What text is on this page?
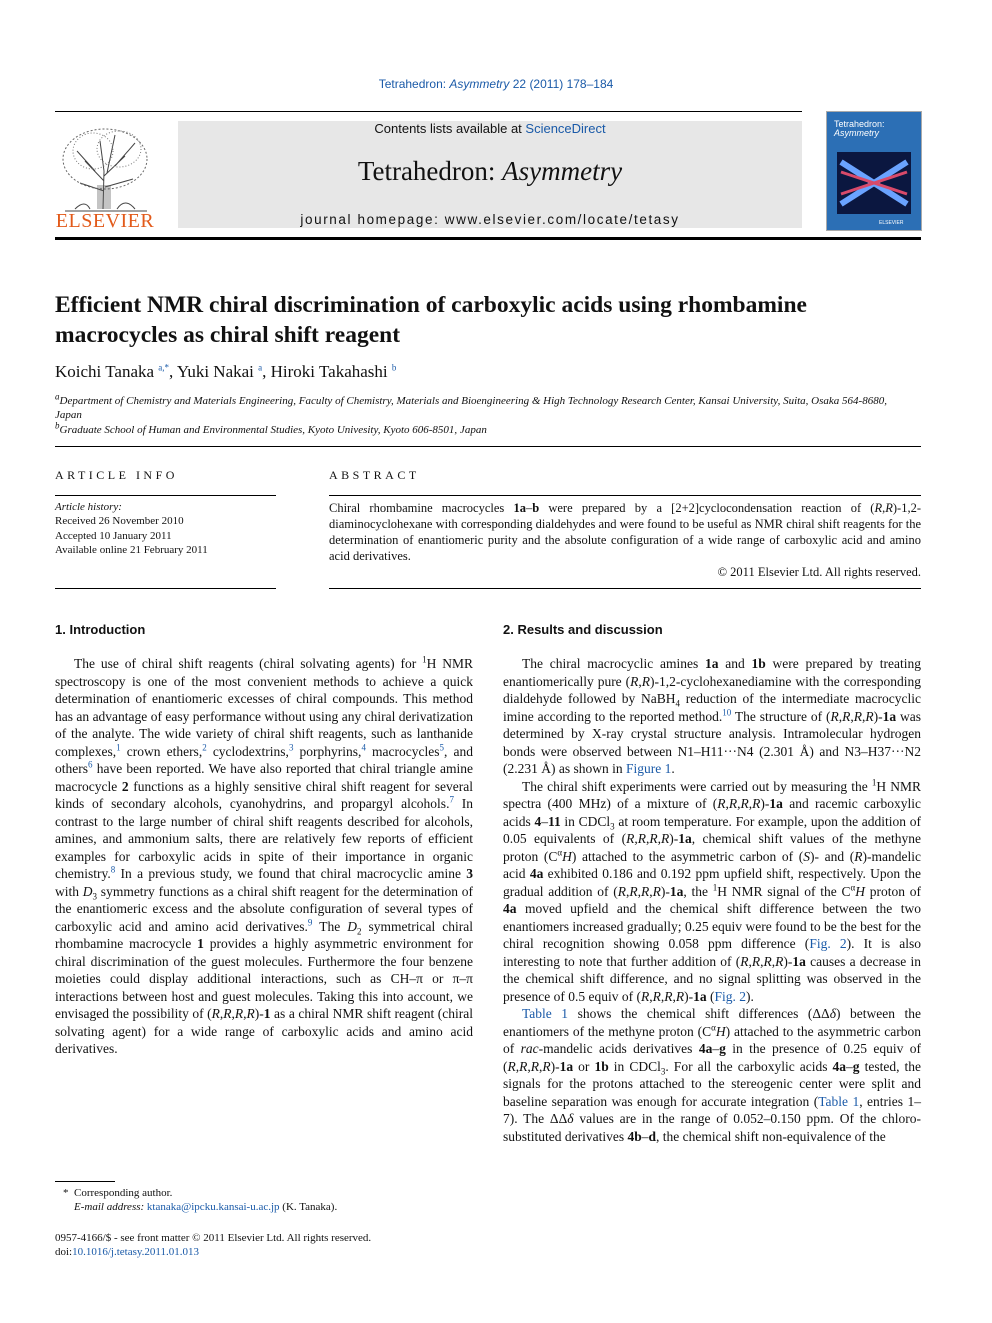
Tetrahedron: Asymmetry 22 (2011) 178–184
ELSEVIER
Contents lists available at ScienceDirect
Tetrahedron: Asymmetry
journal homepage: www.elsevier.com/locate/tetasy
Tetrahedron:
Asymmetry
ELSEVIER
Efficient NMR chiral discrimination of carboxylic acids using rhombamine macrocycles as chiral shift reagent
Koichi Tanaka $^{a,*}$, Yuki Nakai $^a$, Hiroki Takahashi $^b$
$^a$Department of Chemistry and Materials Engineering, Faculty of Chemistry, Materials and Bioengineering & High Technology Research Center, Kansai University, Suita, Osaka 564-8680, Japan
$^b$Graduate School of Human and Environmental Studies, Kyoto Univesity, Kyoto 606-8501, Japan
ARTICLE INFO
Article history:
Received 26 November 2010
Accepted 10 January 2011
Available online 21 February 2011
ABSTRACT
Chiral rhombamine macrocycles 1a–b were prepared by a [2+2]cyclocondensation reaction of (R,R)-1,2-diaminocyclohexane with corresponding dialdehydes and were found to be useful as NMR chiral shift reagents for the determination of enantiomeric purity and the absolute configuration of a wide range of carboxylic acid and amino acid derivatives.
© 2011 Elsevier Ltd. All rights reserved.
1. Introduction	2. Results and discussion

The use of chiral shift reagents (chiral solvating agents) for $^1$H NMR spectroscopy is one of the most convenient methods to achieve a quick determination of enantiomeric excesses of chiral compounds. This method has an advantage of easy performance without using any chiral derivatization of the analyte. The wide variety of chiral shift reagents, such as lanthanide complexes,$^1$ crown ethers,$^2$ cyclodextrins,$^3$ porphyrins,$^4$ macrocycles$^5$, and others$^6$ have been reported. We have also reported that chiral triangle amine macrocycle 2 functions as a highly sensitive chiral shift reagent for several kinds of secondary alcohols, cyanohydrins, and propargyl alcohols.$^7$ In contrast to the large number of chiral shift reagents described for alcohols, amines, and ammonium salts, there are relatively few reports of efficient examples for carboxylic acids in spite of their importance in organic chemistry.$^8$ In a previous study, we found that chiral macrocyclic amine 3 with $D_3$ symmetry functions as a chiral shift reagent for the determination of the enantiomeric excess and the absolute configuration of several types of carboxylic acid and amino acid derivatives.$^9$ The $D_2$ symmetrical chiral rhombamine macrocycle 1 provides a highly asymmetric environment for chiral discrimination of the guest molecules. Furthermore the four benzene moieties could display additional interactions, such as CH–π or π–π interactions between host and guest molecules. Taking this into account, we envisaged the possibility of (R,R,R,R)-1 as a chiral NMR shift reagent (chiral solvating agent) for a wide range of carboxylic acids and amino acid derivatives.

The chiral macrocyclic amines 1a and 1b were prepared by treating enantiomerically pure (R,R)-1,2-cyclohexanediamine with the corresponding dialdehyde followed by NaBH$_4$ reduction of the intermediate macrocyclic imine according to the reported method.$^{10}$ The structure of (R,R,R,R)-1a was determined by X-ray crystal structure analysis. Intramolecular hydrogen bonds were observed between N1–H11···N4 (2.301 Å) and N3–H37···N2 (2.231 Å) as shown in Figure 1.

The chiral shift experiments were carried out by measuring the $^1$H NMR spectra (400 MHz) of a mixture of (R,R,R,R)-1a and racemic carboxylic acids 4–11 in CDCl$_3$ at room temperature. For example, upon the addition of 0.05 equivalents of (R,R,R,R)-1a, chemical shift values of the methyne proton $(C^\alpha H)$ attached to the asymmetric carbon of (S)- and (R)-mandelic acid 4a exhibited 0.186 and 0.192 ppm upfield shift, respectively. Upon the gradual addition of (R,R,R,R)-1a, the $^1$H NMR signal of the $C^\alpha H$ proton of 4a moved upfield and the chemical shift difference between the two enantiomers increased gradually; 0.25 equiv were found to be the best for the chiral recognition showing 0.058 ppm difference (Fig. 2). It is also interesting to note that further addition of (R,R,R,R)-1a causes a decrease in the chemical shift difference, and no signal splitting was observed in the presence of 0.5 equiv of (R,R,R,R)-1a (Fig. 2).

Table 1 shows the chemical shift differences (ΔΔδ) between the enantiomers of the methyne proton $(C^\alpha H)$ attached to the asymmetric carbon of rac-mandelic acids derivatives 4a–g in the presence of 0.25 equiv of (R,R,R,R)-1a or 1b in CDCl$_3$. For all the carboxylic acids 4a–g tested, the signals for the protons attached to the stereogenic center were split and baseline separation was enough for accurate integration (Table 1, entries 1–7). The ΔΔδ values are in the range of 0.052–0.150 ppm. Of the chloro-substituted derivatives 4b–d, the chemical shift non-equivalence of the

* Corresponding author.
E-mail address: ktanaka@ipcku.kansai-u.ac.jp (K. Tanaka).
0957-4166/$ - see front matter © 2011 Elsevier Ltd. All rights reserved.
doi:10.1016/j.tetasy.2011.01.013
